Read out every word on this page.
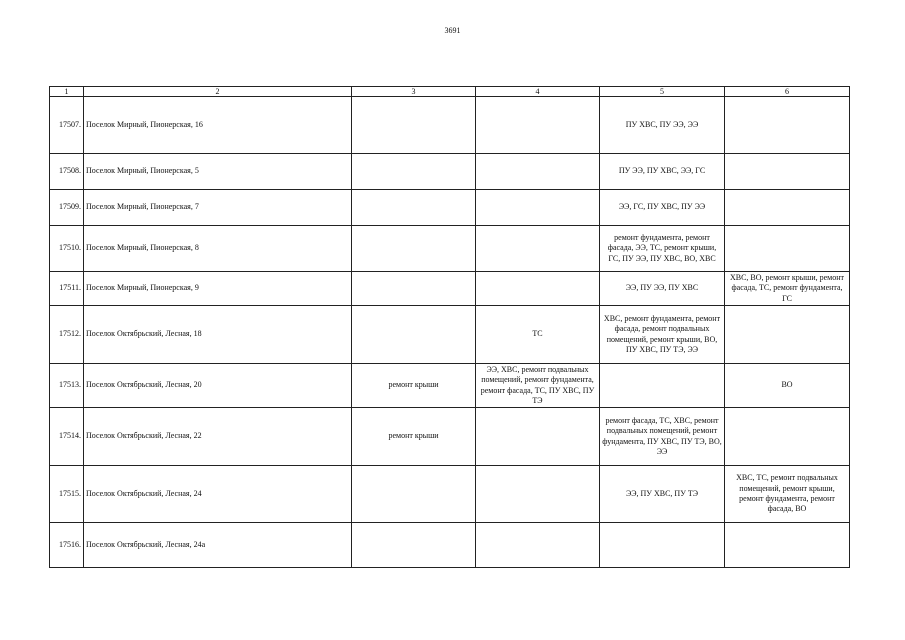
3691
1	2	3	4	5	6
17507.	Поселок Мирный, Пионерская, 16			ПУ ХВС, ПУ ЭЭ, ЭЭ	
17508.	Поселок Мирный, Пионерская, 5			ПУ ЭЭ, ПУ ХВС, ЭЭ, ГС	
17509.	Поселок Мирный, Пионерская, 7			ЭЭ, ГС, ПУ ХВС, ПУ ЭЭ	
17510.	Поселок Мирный, Пионерская, 8			ремонт фундамента, ремонт фасада, ЭЭ, ТС, ремонт крыши, ГС, ПУ ЭЭ, ПУ ХВС, ВО, ХВС	
17511.	Поселок Мирный, Пионерская, 9			ЭЭ, ПУ ЭЭ, ПУ ХВС	ХВС, ВО, ремонт крыши, ремонт фасада, ТС, ремонт фундамента, ГС
17512.	Поселок Октябрьский, Лесная, 18		ТС	ХВС, ремонт фундамента, ремонт фасада, ремонт подвальных помещений, ремонт крыши, ВО, ПУ ХВС, ПУ ТЭ, ЭЭ	
17513.	Поселок Октябрьский, Лесная, 20	ремонт крыши	ЭЭ, ХВС, ремонт подвальных помещений, ремонт фундамента, ремонт фасада, ТС, ПУ ХВС, ПУ ТЭ		ВО
17514.	Поселок Октябрьский, Лесная, 22	ремонт крыши		ремонт фасада, ТС, ХВС, ремонт подвальных помещений, ремонт фундамента, ПУ ХВС, ПУ ТЭ, ВО, ЭЭ	
17515.	Поселок Октябрьский, Лесная, 24			ЭЭ, ПУ ХВС, ПУ ТЭ	ХВС, ТС, ремонт подвальных помещений, ремонт крыши, ремонт фундамента, ремонт фасада, ВО
17516.	Поселок Октябрьский, Лесная, 24а				
